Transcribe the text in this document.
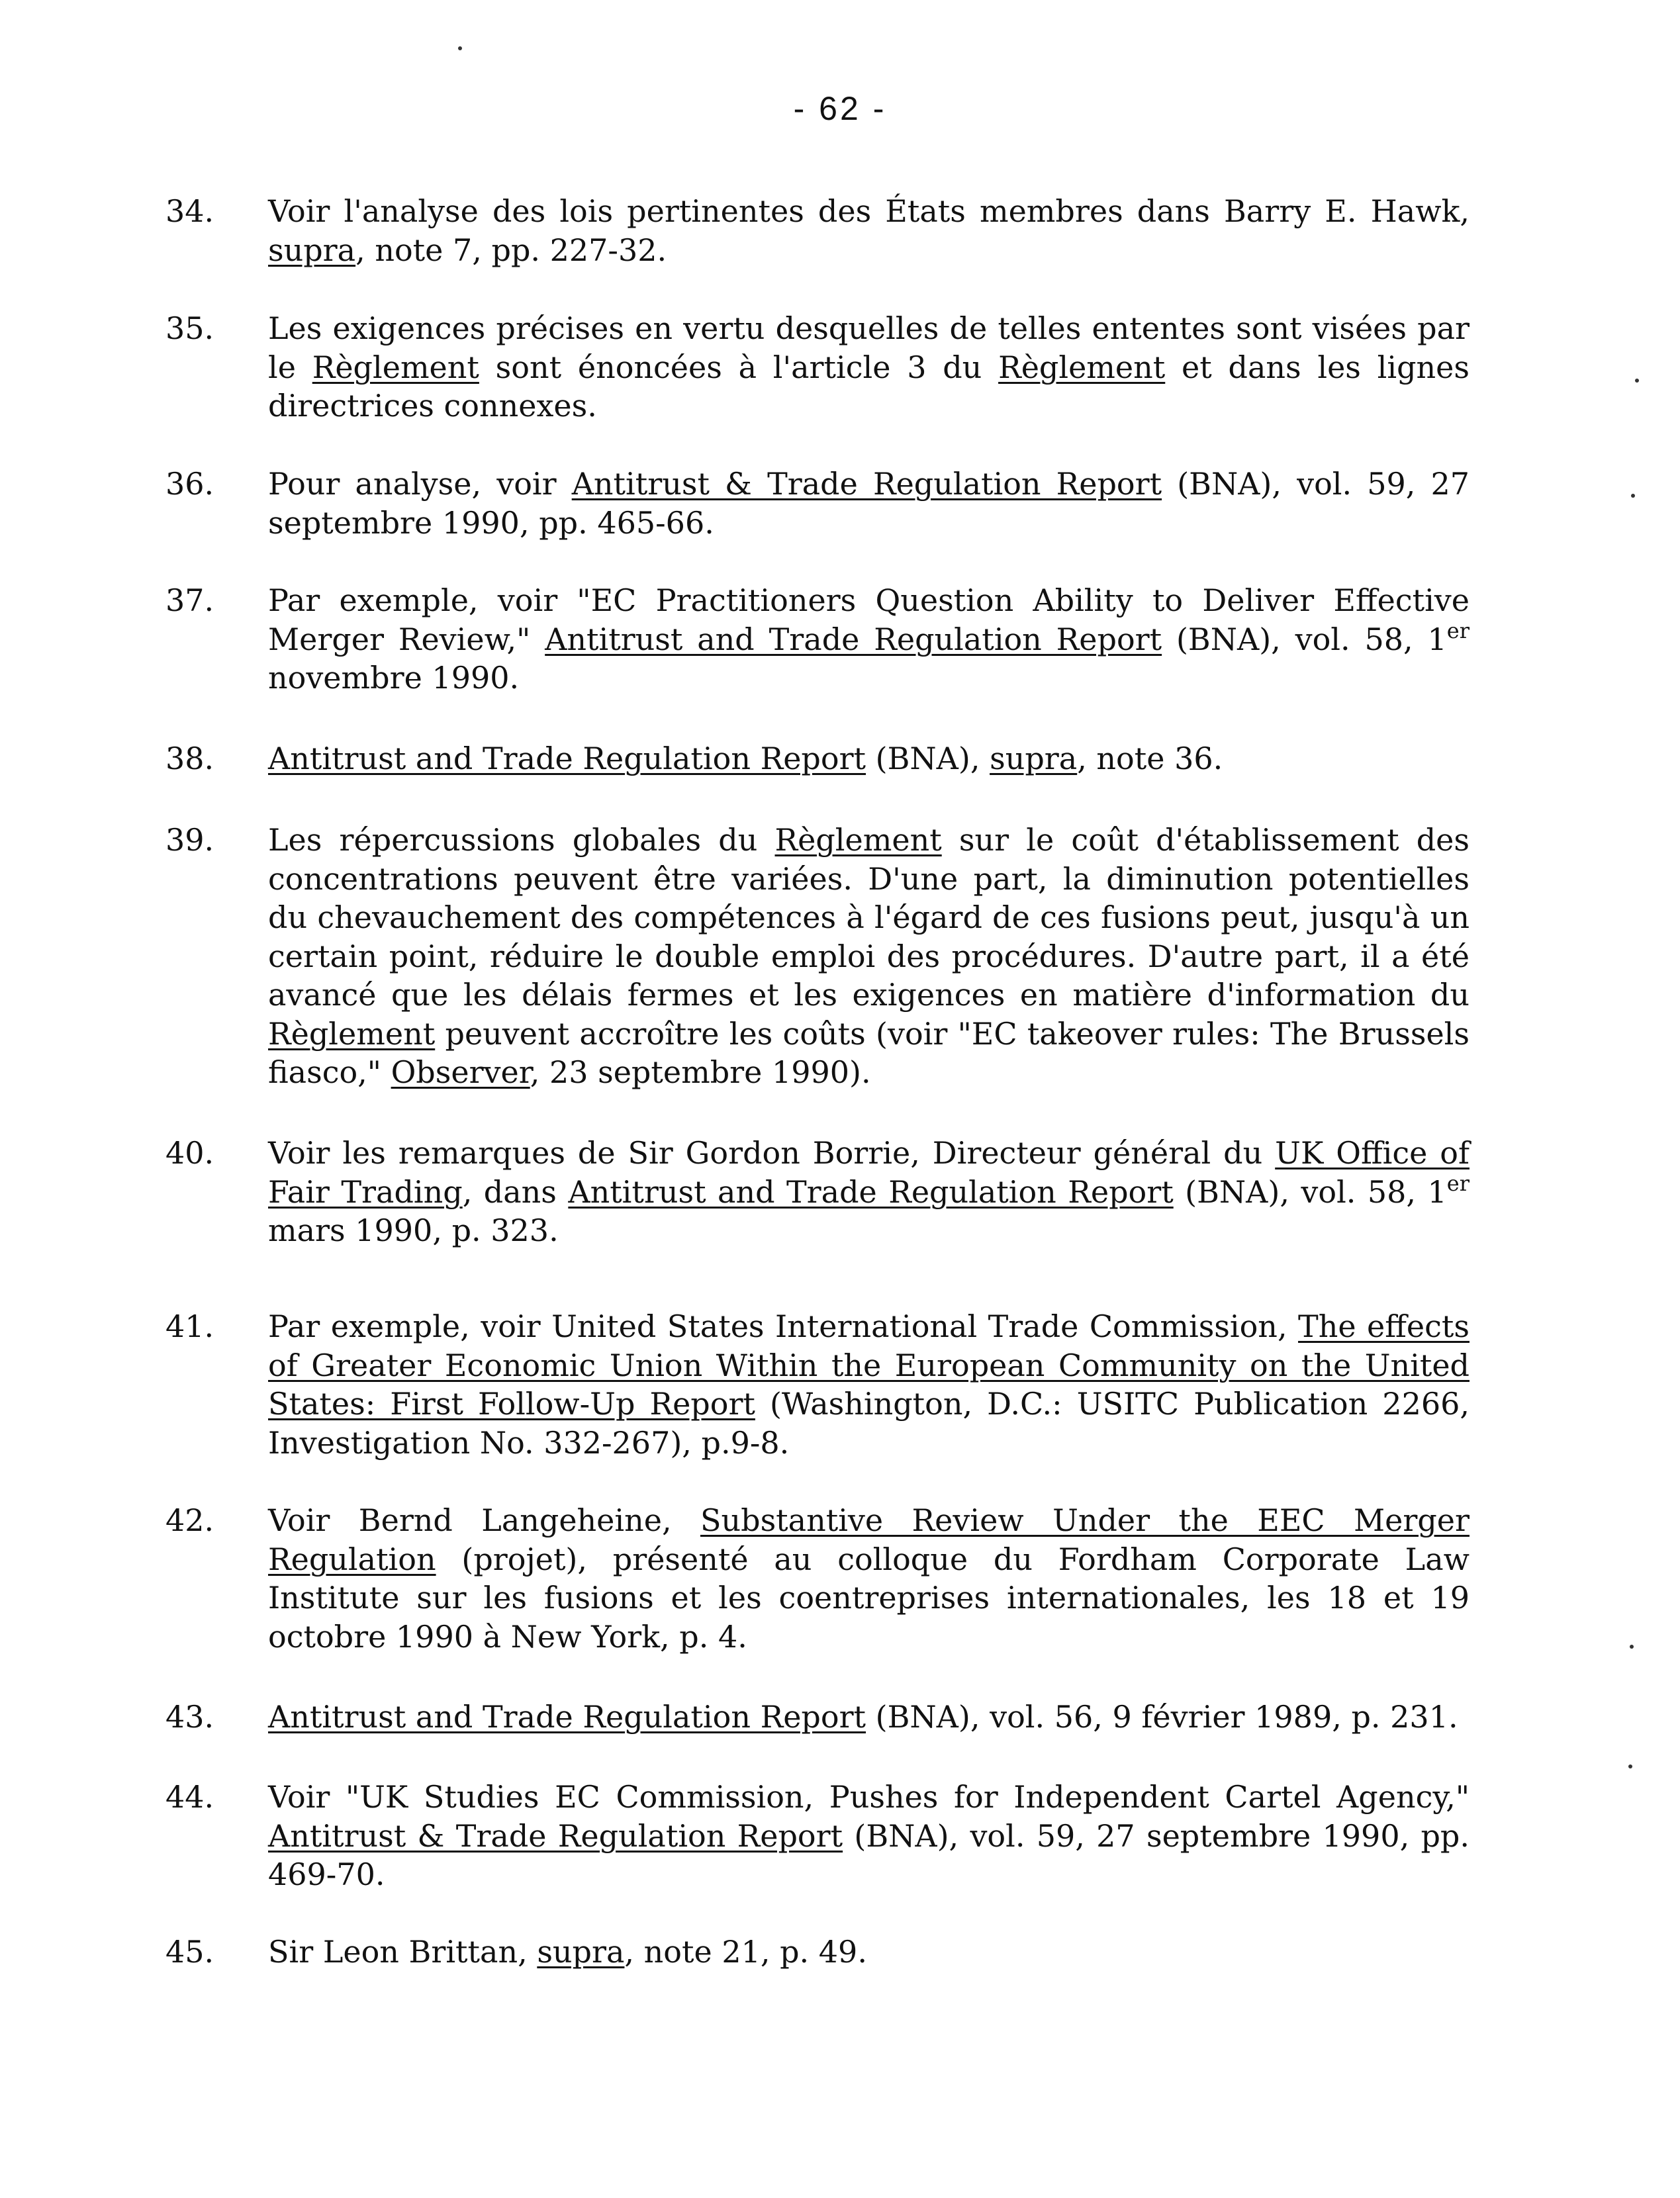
- 62 -
34. Voir l'analyse des lois pertinentes des États membres dans Barry E. Hawk, supra, note 7, pp. 227-32.
35. Les exigences précises en vertu desquelles de telles ententes sont visées par le Règlement sont énoncées à l'article 3 du Règlement et dans les lignes directrices connexes.
36. Pour analyse, voir Antitrust & Trade Regulation Report (BNA), vol. 59, 27 septembre 1990, pp. 465-66.
37. Par exemple, voir "EC Practitioners Question Ability to Deliver Effective Merger Review," Antitrust and Trade Regulation Report (BNA), vol. 58, 1er novembre 1990.
38. Antitrust and Trade Regulation Report (BNA), supra, note 36.
39. Les répercussions globales du Règlement sur le coût d'établissement des concentrations peuvent être variées. D'une part, la diminution potentielles du chevauchement des compétences à l'égard de ces fusions peut, jusqu'à un certain point, réduire le double emploi des procédures. D'autre part, il a été avancé que les délais fermes et les exigences en matière d'information du Règlement peuvent accroître les coûts (voir "EC takeover rules: The Brussels fiasco," Observer, 23 septembre 1990).
40. Voir les remarques de Sir Gordon Borrie, Directeur général du UK Office of Fair Trading, dans Antitrust and Trade Regulation Report (BNA), vol. 58, 1er mars 1990, p. 323.
41. Par exemple, voir United States International Trade Commission, The effects of Greater Economic Union Within the European Community on the United States: First Follow-Up Report (Washington, D.C.: USITC Publication 2266, Investigation No. 332-267), p.9-8.
42. Voir Bernd Langeheine, Substantive Review Under the EEC Merger Regulation (projet), présenté au colloque du Fordham Corporate Law Institute sur les fusions et les coentreprises internationales, les 18 et 19 octobre 1990 à New York, p. 4.
43. Antitrust and Trade Regulation Report (BNA), vol. 56, 9 février 1989, p. 231.
44. Voir "UK Studies EC Commission, Pushes for Independent Cartel Agency," Antitrust & Trade Regulation Report (BNA), vol. 59, 27 septembre 1990, pp. 469-70.
45. Sir Leon Brittan, supra, note 21, p. 49.
